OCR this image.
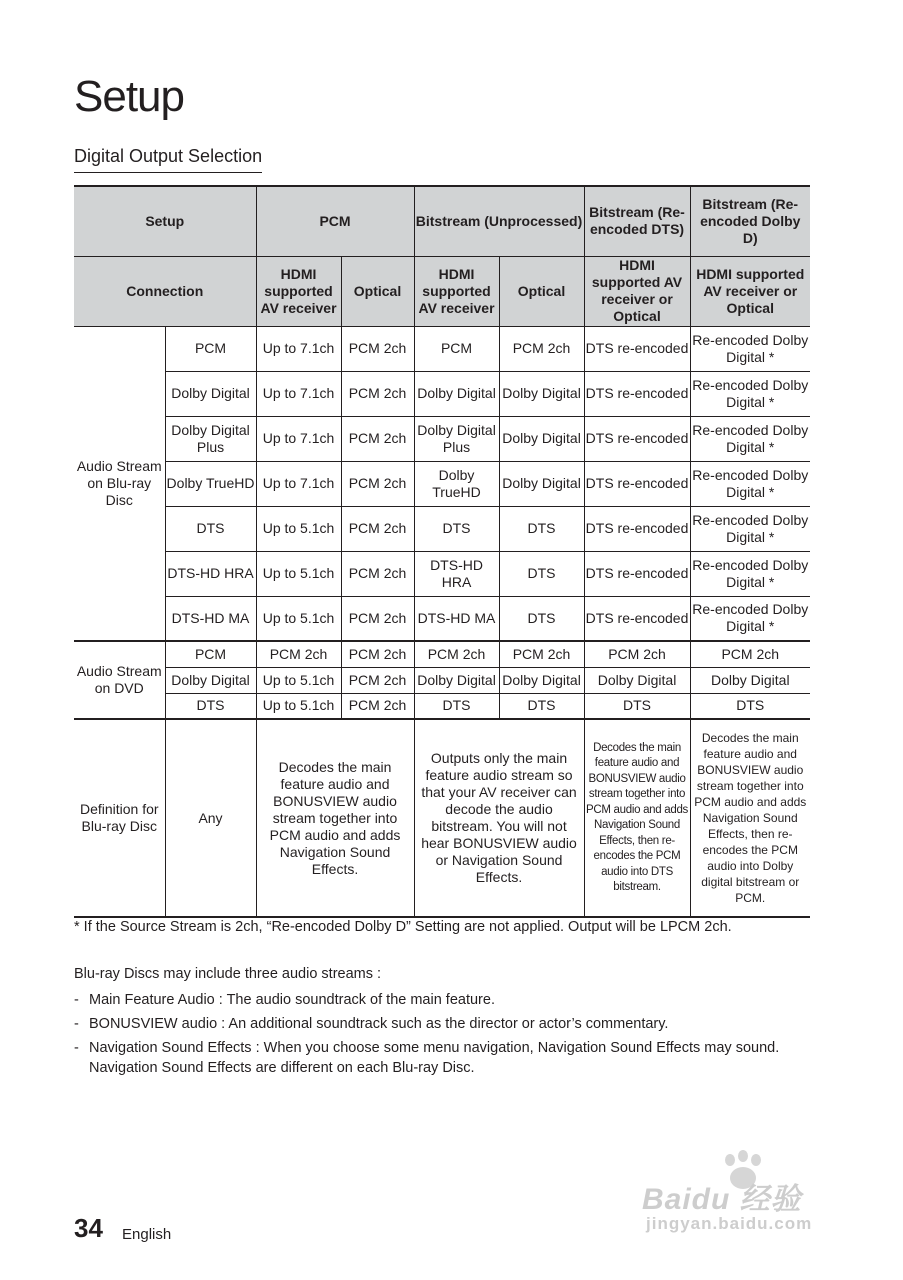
Setup
Digital Output Selection
Setup		PCM		Bitstream (Unprocessed)		Bitstream (Re-encoded DTS)	Bitstream (Re-encoded Dolby D)
Connection		HDMI supported AV receiver	Optical	HDMI supported AV receiver	Optical	HDMI supported AV receiver or Optical	HDMI supported AV receiver or Optical
Audio Stream on Blu-ray Disc	PCM	Up to 7.1ch	PCM 2ch	PCM	PCM 2ch	DTS re-encoded	Re-encoded Dolby Digital *
	Dolby Digital	Up to 7.1ch	PCM 2ch	Dolby Digital	Dolby Digital	DTS re-encoded	Re-encoded Dolby Digital *
	Dolby Digital Plus	Up to 7.1ch	PCM 2ch	Dolby Digital Plus	Dolby Digital	DTS re-encoded	Re-encoded Dolby Digital *
	Dolby TrueHD	Up to 7.1ch	PCM 2ch	Dolby TrueHD	Dolby Digital	DTS re-encoded	Re-encoded Dolby Digital *
	DTS	Up to 5.1ch	PCM 2ch	DTS	DTS	DTS re-encoded	Re-encoded Dolby Digital *
	DTS-HD HRA	Up to 5.1ch	PCM 2ch	DTS-HD HRA	DTS	DTS re-encoded	Re-encoded Dolby Digital *
	DTS-HD MA	Up to 5.1ch	PCM 2ch	DTS-HD MA	DTS	DTS re-encoded	Re-encoded Dolby Digital *
Audio Stream on DVD	PCM	PCM 2ch	PCM 2ch	PCM 2ch	PCM 2ch	PCM 2ch	PCM 2ch
	Dolby Digital	Up to 5.1ch	PCM 2ch	Dolby Digital	Dolby Digital	Dolby Digital	Dolby Digital
	DTS	Up to 5.1ch	PCM 2ch	DTS	DTS	DTS	DTS
Definition for Blu-ray Disc	Any	Decodes the main feature audio and BONUSVIEW audio stream together into PCM audio and adds Navigation Sound Effects.		Outputs only the main feature audio stream so that your AV receiver can decode the audio bitstream. You will not hear BONUSVIEW audio or Navigation Sound Effects.		Decodes the main feature audio and BONUSVIEW audio stream together into PCM audio and adds Navigation Sound Effects, then re-encodes the PCM audio into DTS bitstream.	Decodes the main feature audio and BONUSVIEW audio stream together into PCM audio and adds Navigation Sound Effects, then re-encodes the PCM audio into Dolby digital bitstream or PCM.

* If the Source Stream is 2ch, “Re-encoded Dolby D” Setting are not applied. Output will be LPCM 2ch.

Blu-ray Discs may include three audio streams :

- Main Feature Audio : The audio soundtrack of the main feature.
- BONUSVIEW audio : An additional soundtrack such as the director or actor’s commentary.
- Navigation Sound Effects : When you choose some menu navigation, Navigation Sound Effects may sound. Navigation Sound Effects are different on each Blu-ray Disc.

34 English

Baidu 经验
jingyan.baidu.com
